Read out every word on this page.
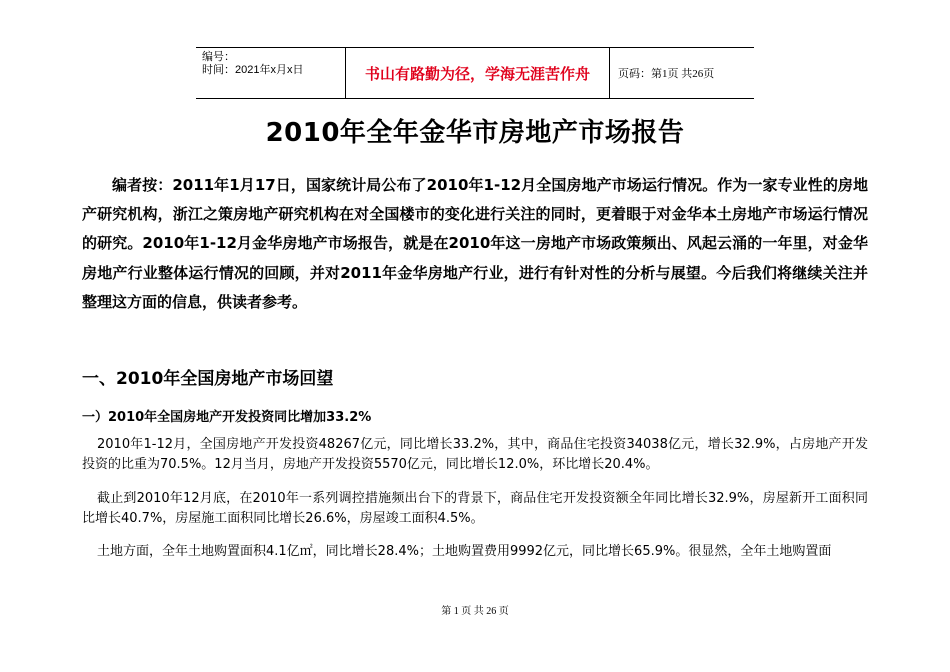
编号：
时间：2021年x月x日	书山有路勤为径，学海无涯苦作舟	页码：第1页 共26页
2010年全年金华市房地产市场报告
编者按：2011年1月17日，国家统计局公布了2010年1-12月全国房地产市场运行情况。作为一家专业性的房地产研究机构，浙江之策房地产研究机构在对全国楼市的变化进行关注的同时，更着眼于对金华本土房地产市场运行情况的研究。2010年1-12月金华房地产市场报告，就是在2010年这一房地产市场政策频出、风起云涌的一年里，对金华房地产行业整体运行情况的回顾，并对2011年金华房地产行业，进行有针对性的分析与展望。今后我们将继续关注并整理这方面的信息，供读者参考。
一、2010年全国房地产市场回望
一）2010年全国房地产开发投资同比增加33.2%
2010年1-12月，全国房地产开发投资48267亿元，同比增长33.2%，其中，商品住宅投资34038亿元，增长32.9%，占房地产开发投资的比重为70.5%。12月当月，房地产开发投资5570亿元，同比增长12.0%，环比增长20.4%。
截止到2010年12月底，在2010年一系列调控措施频出台下的背景下，商品住宅开发投资额全年同比增长32.9%，房屋新开工面积同比增长40.7%，房屋施工面积同比增长26.6%，房屋竣工面积4.5%。
土地方面，全年土地购置面积4.1亿㎡，同比增长28.4%；土地购置费用9992亿元，同比增长65.9%。很显然，全年土地购置面
第 1 页 共 26 页
